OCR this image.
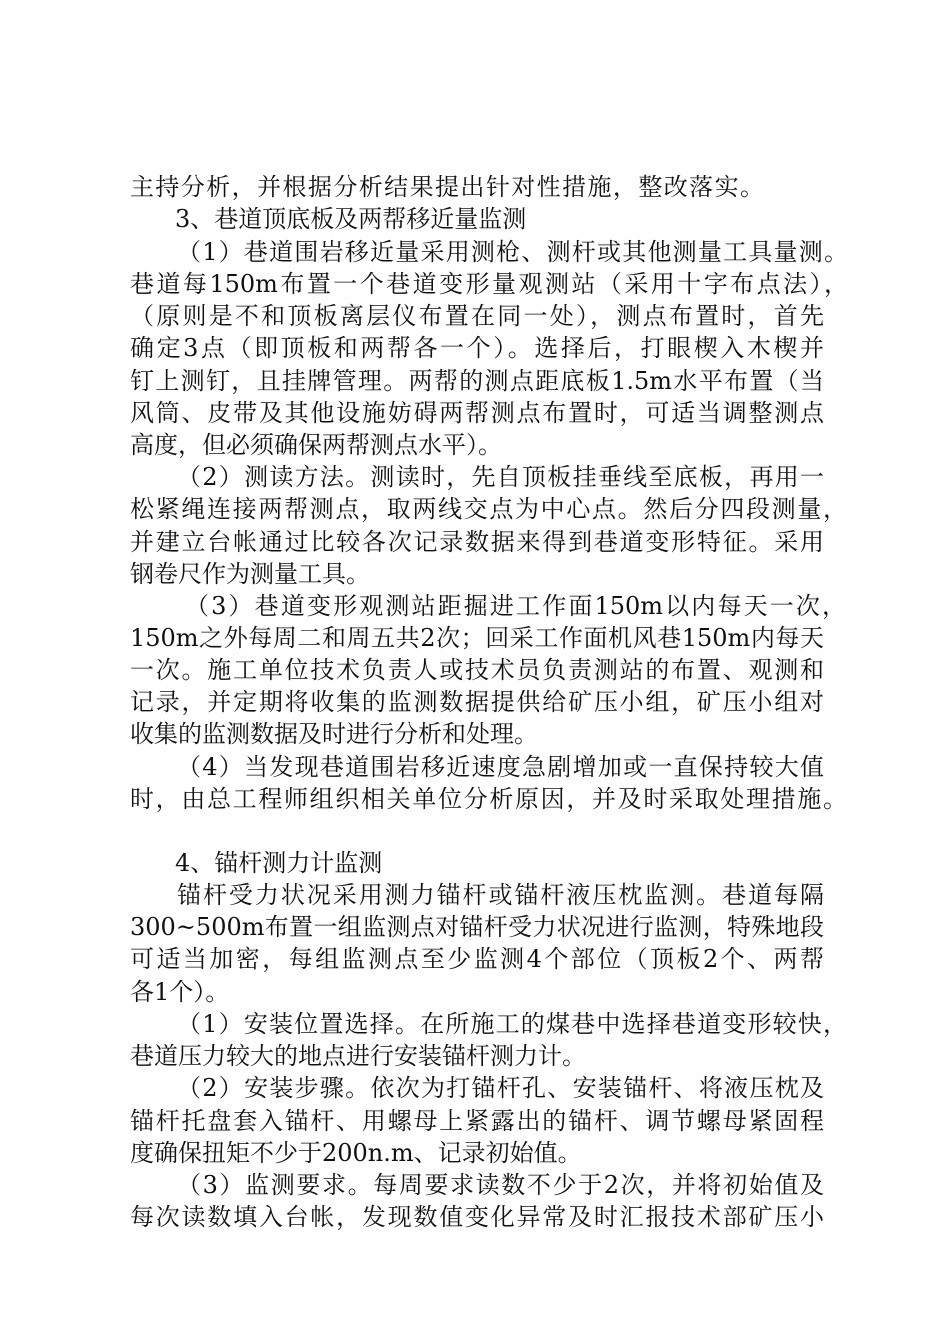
主持分析，并根据分析结果提出针对性措施，整改落实。
3、巷道顶底板及两帮移近量监测
（1）巷道围岩移近量采用测枪、测杆或其他测量工具量测。
巷道每150m布置一个巷道变形量观测站（采用十字布点法），
（原则是不和顶板离层仪布置在同一处），测点布置时，首先
确定3点（即顶板和两帮各一个）。选择后，打眼楔入木楔并
钉上测钉，且挂牌管理。两帮的测点距底板1.5m水平布置（当
风筒、皮带及其他设施妨碍两帮测点布置时，可适当调整测点
高度，但必须确保两帮测点水平）。
（2）测读方法。测读时，先自顶板挂垂线至底板，再用一
松紧绳连接两帮测点，取两线交点为中心点。然后分四段测量，
并建立台帐通过比较各次记录数据来得到巷道变形特征。采用
钢卷尺作为测量工具。
（3）巷道变形观测站距掘进工作面150m以内每天一次，
150m之外每周二和周五共2次；回采工作面机风巷150m内每天
一次。施工单位技术负责人或技术员负责测站的布置、观测和
记录，并定期将收集的监测数据提供给矿压小组，矿压小组对
收集的监测数据及时进行分析和处理。
（4）当发现巷道围岩移近速度急剧增加或一直保持较大值
时，由总工程师组织相关单位分析原因，并及时采取处理措施。
4、锚杆测力计监测
锚杆受力状况采用测力锚杆或锚杆液压枕监测。巷道每隔
300~500m布置一组监测点对锚杆受力状况进行监测，特殊地段
可适当加密，每组监测点至少监测4个部位（顶板2个、两帮
各1个）。
（1）安装位置选择。在所施工的煤巷中选择巷道变形较快，
巷道压力较大的地点进行安装锚杆测力计。
（2）安装步骤。依次为打锚杆孔、安装锚杆、将液压枕及
锚杆托盘套入锚杆、用螺母上紧露出的锚杆、调节螺母紧固程
度确保扭矩不少于200n.m、记录初始值。
（3）监测要求。每周要求读数不少于2次，并将初始值及
每次读数填入台帐，发现数值变化异常及时汇报技术部矿压小
